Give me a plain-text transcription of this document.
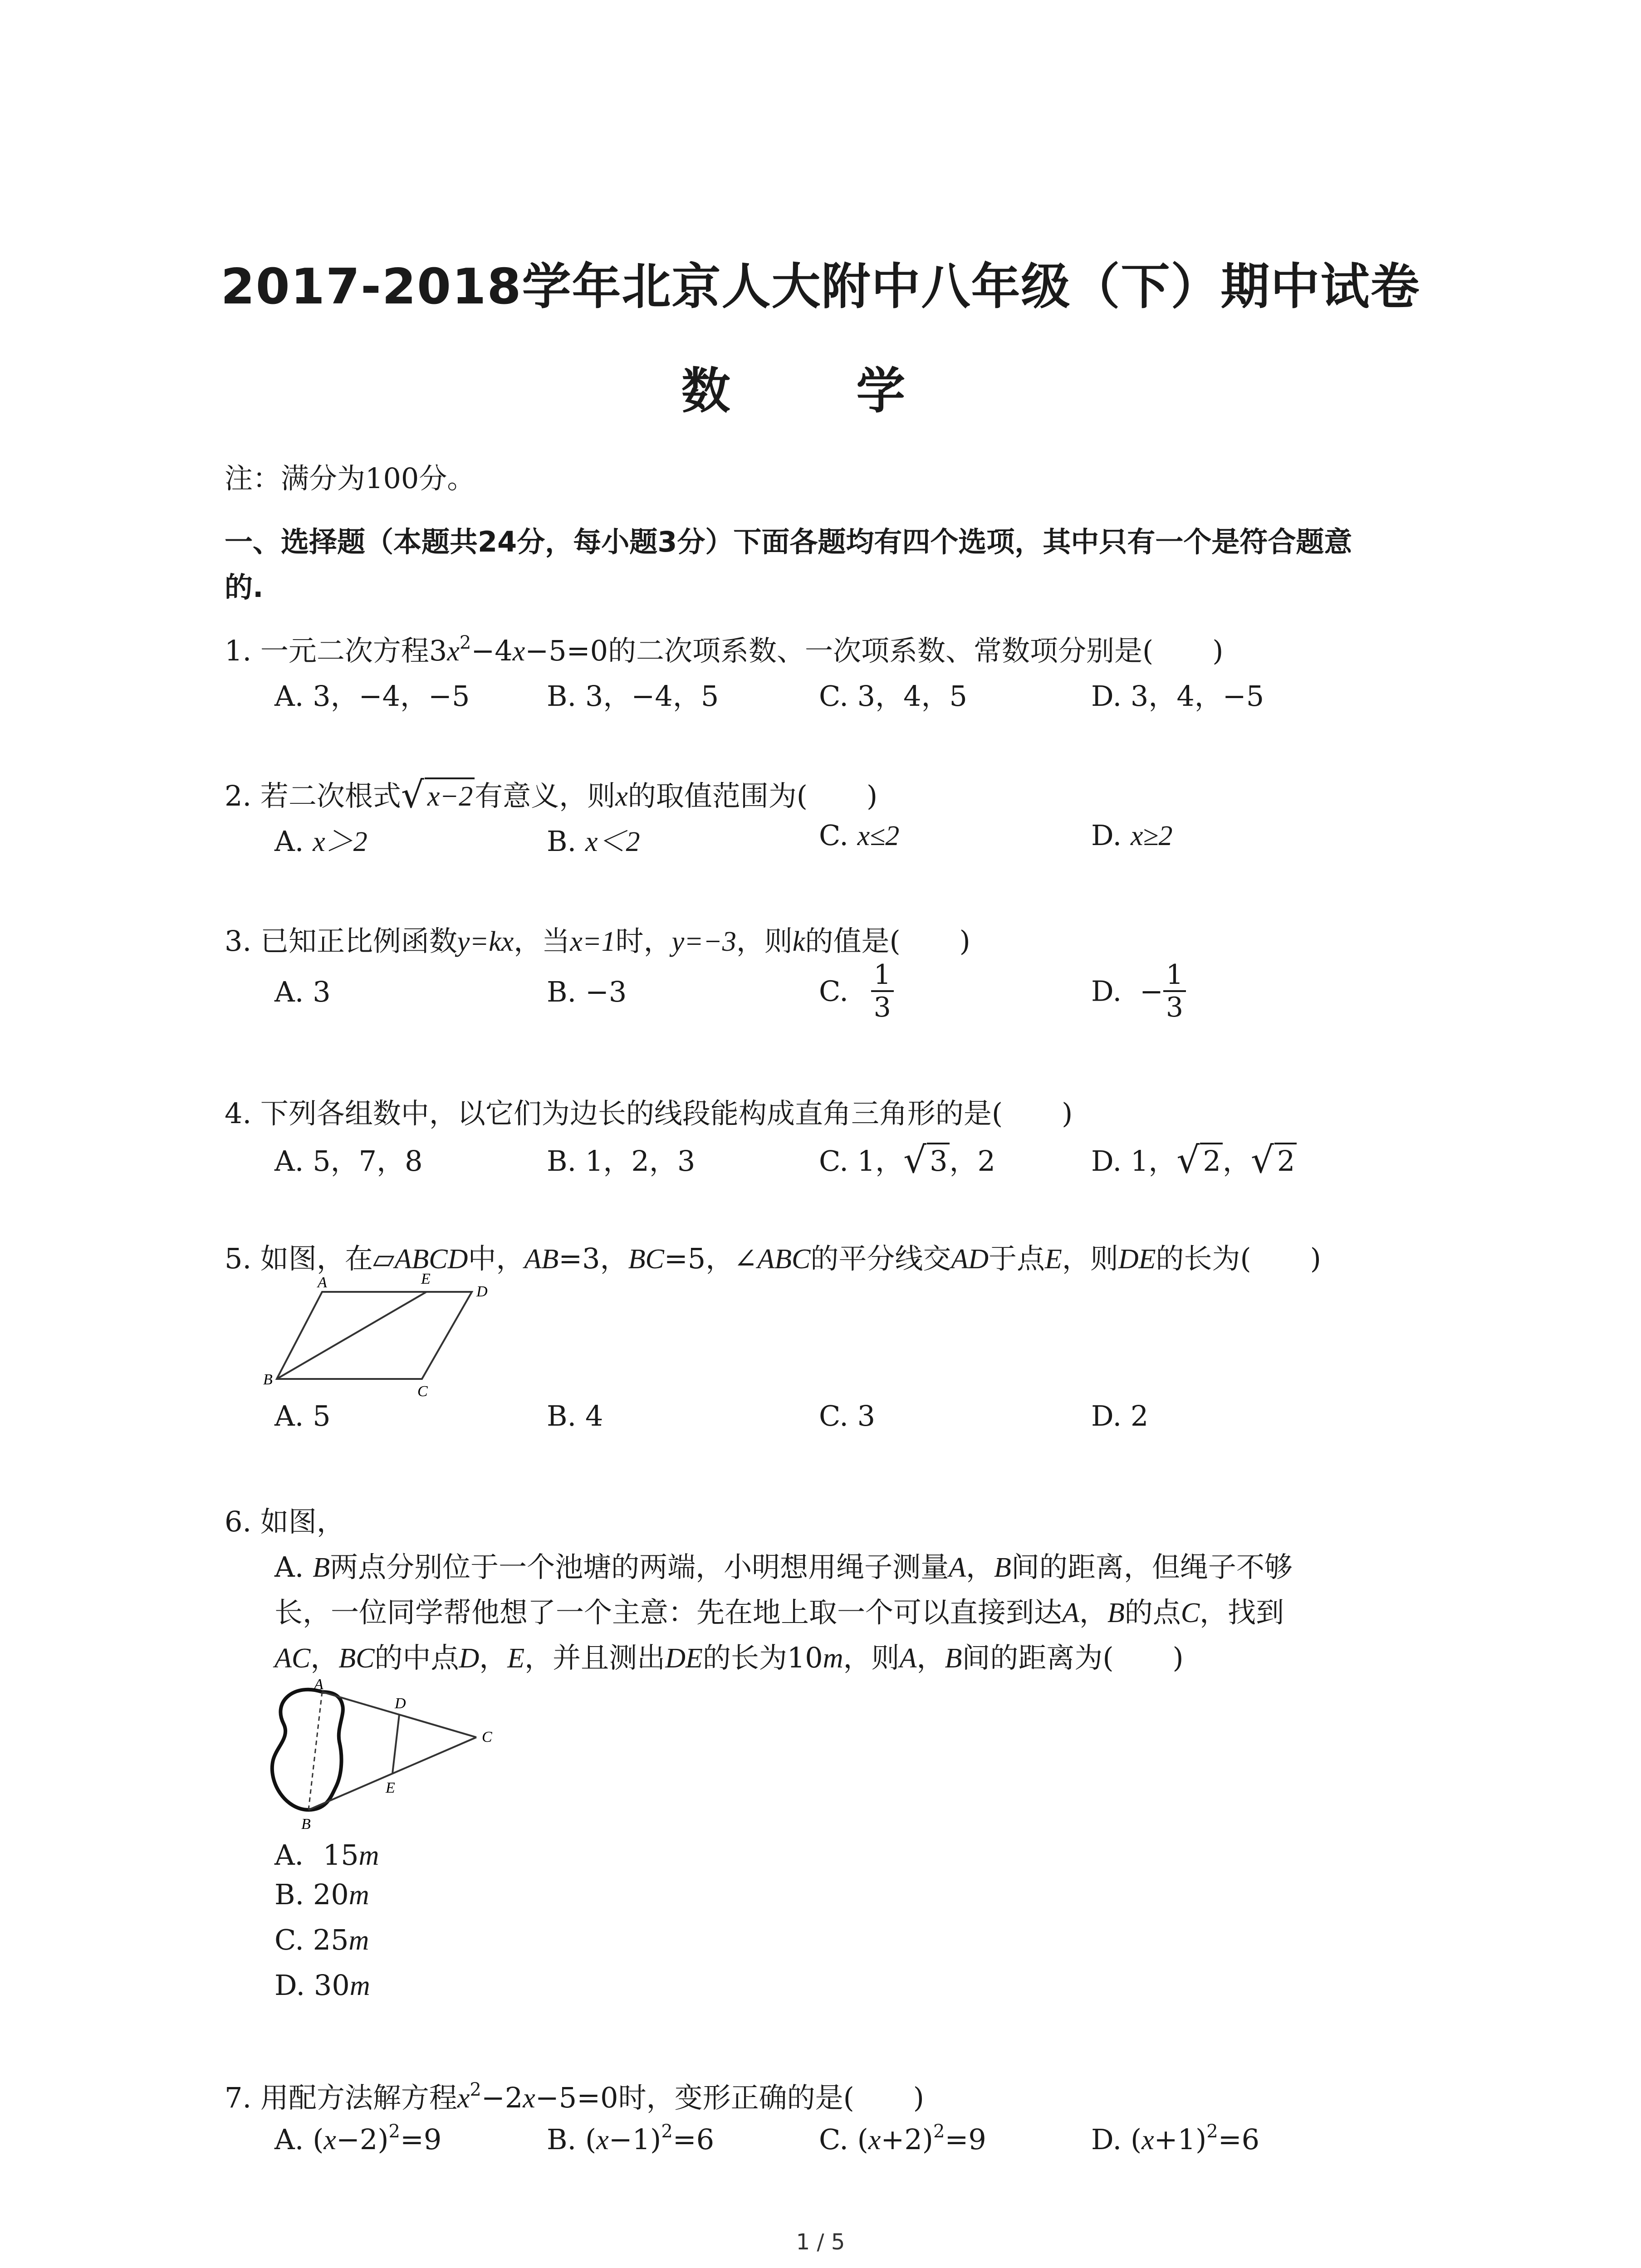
2017-2018学年北京人大附中八年级（下）期中试卷
数 学
注：满分为100分。
一、选择题（本题共24分，每小题3分）下面各题均有四个选项，其中只有一个是符合题意
的.
1. 一元二次方程$3x^2-4x-5=0$的二次项系数、一次项系数、常数项分别是( )
A. 3，−4，−5	B. 3，−4，5	C. 3，4，5	D. 3，4，−5
2. 若二次根式 √ x−2有意义，则x的取值范围为( )
A. x＞2	B. x＜2	C. x≤2	D. x≥2
3. 已知正比例函数y=kx，当x=1时，y=−3，则k的值是( )
A. 3	B. −3	C. $\frac{1}{3}$	D. − $\frac{1}{3}$
4. 下列各组数中，以它们为边长的线段能构成直角三角形的是( )
A. 5，7，8	B. 1，2，3	C. 1， √ 3，2	D. 1， √ 2， √ 2
5. 如图，在▱ABCD中，AB=3，BC=5，∠ABC的平分线交AD于点E，则DE的长为( )
A	E
D
B
C
A. 5	B. 4	C. 3	D. 2
6. 如图，
A. B两点分别位于一个池塘的两端，小明想用绳子测量A，B间的距离，但绳子不够
长，一位同学帮他想了一个主意：先在地上取一个可以直接到达A，B的点C，找到
AC，BC的中点D，E，并且测出DE的长为10m，则A，B间的距离为( )
A
D
C
E
B
A．15m
B. 20m
C. 25m
D. 30m
7. 用配方法解方程$x^2-2x-5=0$时，变形正确的是( )
A. $(x-2)^2=9$	B. $(x-1)^2=6$	C. $(x+2)^2=9$	D. $(x+1)^2=6$
1 / 5
